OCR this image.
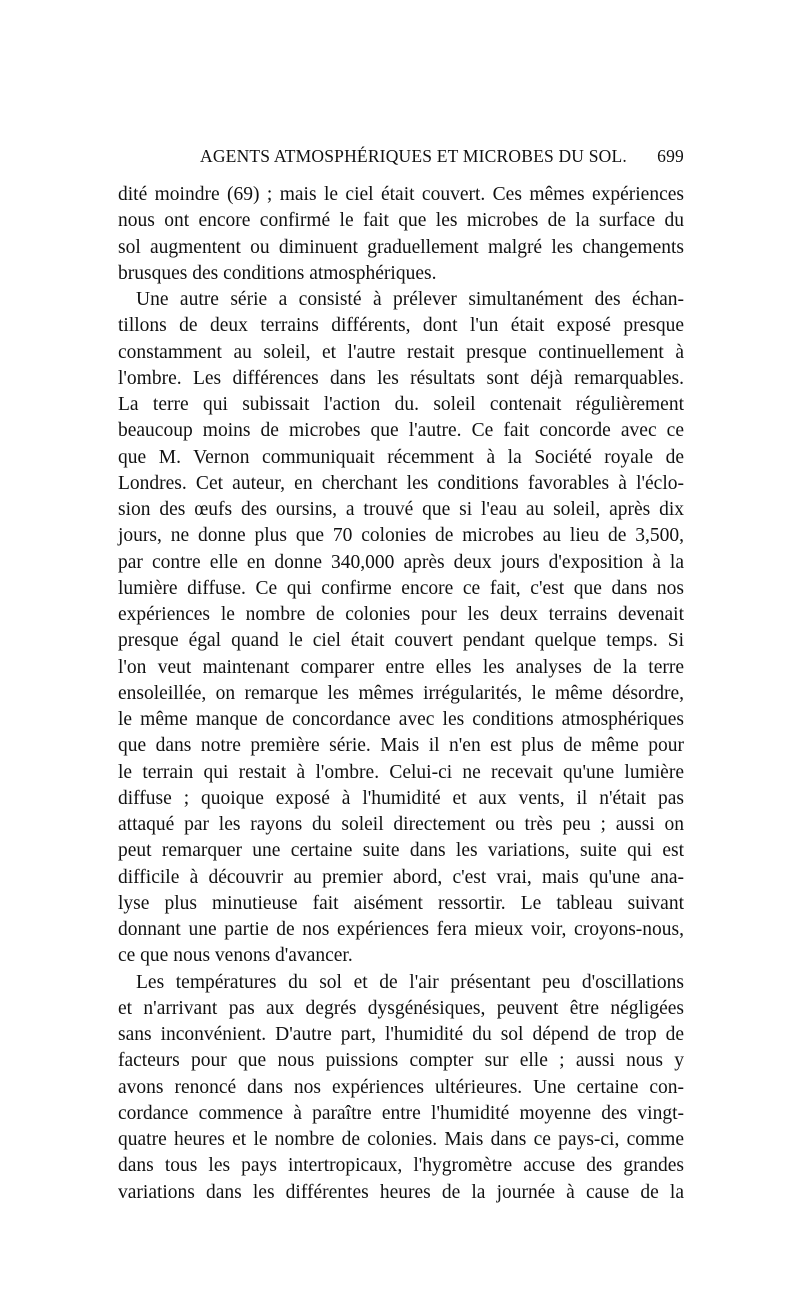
AGENTS ATMOSPHÉRIQUES ET MICROBES DU SOL. 699
dité moindre (69) ; mais le ciel était couvert. Ces mêmes expériences
nous ont encore confirmé le fait que les microbes de la surface du
sol augmentent ou diminuent graduellement malgré les changements
brusques des conditions atmosphériques.
Une autre série a consisté à prélever simultanément des échan-
tillons de deux terrains différents, dont l'un était exposé presque
constamment au soleil, et l'autre restait presque continuellement à
l'ombre. Les différences dans les résultats sont déjà remarquables.
La terre qui subissait l'action du. soleil contenait régulièrement
beaucoup moins de microbes que l'autre. Ce fait concorde avec ce
que M. Vernon communiquait récemment à la Société royale de
Londres. Cet auteur, en cherchant les conditions favorables à l'éclo-
sion des œufs des oursins, a trouvé que si l'eau au soleil, après dix
jours, ne donne plus que 70 colonies de microbes au lieu de 3,500,
par contre elle en donne 340,000 après deux jours d'exposition à la
lumière diffuse. Ce qui confirme encore ce fait, c'est que dans nos
expériences le nombre de colonies pour les deux terrains devenait
presque égal quand le ciel était couvert pendant quelque temps. Si
l'on veut maintenant comparer entre elles les analyses de la terre
ensoleillée, on remarque les mêmes irrégularités, le même désordre,
le même manque de concordance avec les conditions atmosphériques
que dans notre première série. Mais il n'en est plus de même pour
le terrain qui restait à l'ombre. Celui-ci ne recevait qu'une lumière
diffuse ; quoique exposé à l'humidité et aux vents, il n'était pas
attaqué par les rayons du soleil directement ou très peu ; aussi on
peut remarquer une certaine suite dans les variations, suite qui est
difficile à découvrir au premier abord, c'est vrai, mais qu'une ana-
lyse plus minutieuse fait aisément ressortir. Le tableau suivant
donnant une partie de nos expériences fera mieux voir, croyons-nous,
ce que nous venons d'avancer.
Les températures du sol et de l'air présentant peu d'oscillations
et n'arrivant pas aux degrés dysgénésiques, peuvent être négligées
sans inconvénient. D'autre part, l'humidité du sol dépend de trop de
facteurs pour que nous puissions compter sur elle ; aussi nous y
avons renoncé dans nos expériences ultérieures. Une certaine con-
cordance commence à paraître entre l'humidité moyenne des vingt-
quatre heures et le nombre de colonies. Mais dans ce pays-ci, comme
dans tous les pays intertropicaux, l'hygromètre accuse des grandes
variations dans les différentes heures de la journée à cause de la
